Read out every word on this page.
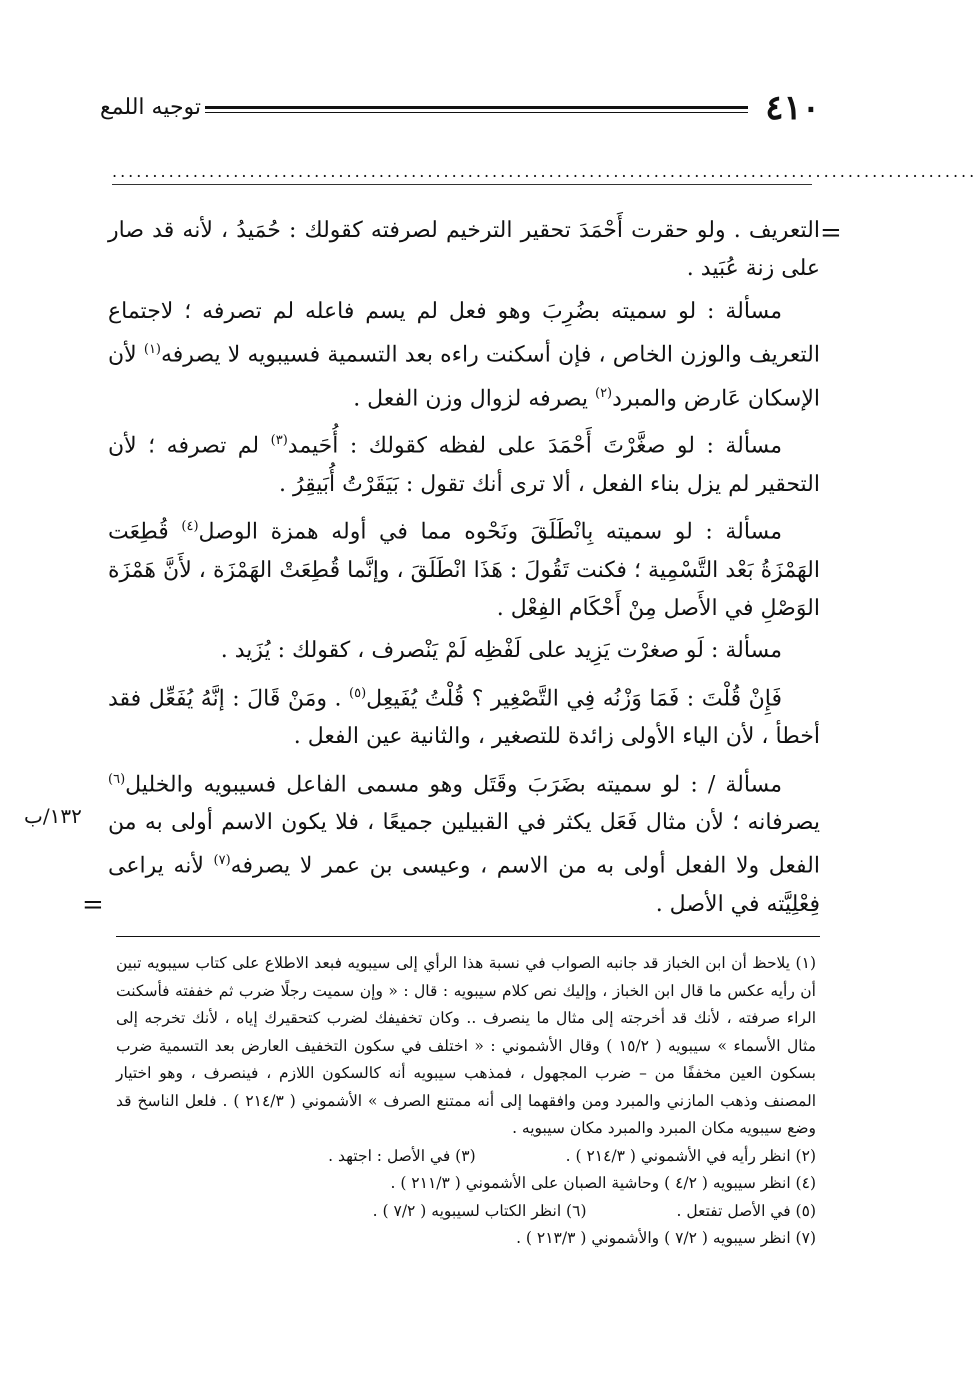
٤١٠
توجيه اللمع
...........................................................................................................
=
١٣٢/ب
=

التعريف . ولو حقرت أَحْمَدَ تحقير الترخيم لصرفته كقولك : حُمَيدُ ، لأنه قد صار على زنة عُبَيد .

مسألة : لو سميته بضُرِبَ وهو فعل لم يسم فاعله لم تصرفه ؛ لاجتماع التعريف والوزن الخاص ، فإن أسكنت راءه بعد التسمية فسيبويه لا يصرفه$^{(١)}$ لأن الإسكان عَارض والمبرد$^{(٢)}$ يصرفه لزوال وزن الفعل .

مسألة : لو صغَّرْتَ أَحْمَدَ على لفظه كقولك : أُحَيمد$^{(٣)}$ لم تصرفه ؛ لأن التحقير لم يزل بناء الفعل ، ألا ترى أنك تقول : بَيَقَرْتُ أُبَيقِرُ .

مسألة : لو سميته بِانْطَلَقَ ونَحْوه مما في أوله همزة الوصل$^{(٤)}$ قُطِعَت الهَمْزَةُ بَعْد التَّسْمِية ؛ فكنت تَقُولَ : هَذَا انْطَلَقَ ، وإنَّما قُطِعَتْ الهَمْزَة ، لأَنَّ هَمْزَة الوَصْلِ في الأَصل مِنْ أَحْكَام الفِعْل .

مسألة : لَو صغرْت يَزِيد على لَفْظِه لَمْ يَنْصرف ، كقولك : يُزَيد .

فَإِنْ قُلْتَ : فَمَا وَزْنُه فِي التَّصْغِير ؟ قُلْتُ يُفَيعِل$^{(٥)}$ . ومَنْ قَالَ : إنَّهُ يُفَعِّل فقد أخطأ ، لأن الياء الأولى زائدة للتصغير ، والثانية عين الفعل .

مسألة / : لو سميته بضَرَبَ وقَتَل وهو مسمى الفاعل فسيبويه والخليل$^{(٦)}$ يصرفانه ؛ لأن مثال فَعَل يكثر في القبيلين جميعًا ، فلا يكون الاسم أولى به من الفعل ولا الفعل أولى به من الاسم ، وعيسى بن عمر لا يصرفه$^{(٧)}$ لأنه يراعى فِعْلِيَّته في الأصل .

(١) يلاحظ أن ابن الخباز قد جانبه الصواب في نسبة هذا الرأي إلى سيبويه فبعد الاطلاع على كتاب سيبويه تبين أن رأيه عكس ما قال ابن الخباز ، وإليك نص كلام سيبويه : قال : « وإن سميت رجلًا ضرب ثم خففته فأسكنت الراء صرفته ، لأنك قد أخرجته إلى مثال ما ينصرف .. وكان تخفيفك لضرب كتحقيرك إياه ، لأنك تخرجه إلى مثال الأسماء » سيبويه ( ١٥/٢ ) وقال الأشموني : « اختلف في سكون التخفيف العارض بعد التسمية ضرب بسكون العين مخففًا من – ضرب المجهول ، فمذهب سيبويه أنه كالسكون اللازم ، فينصرف ، وهو اختيار المصنف وذهب المازني والمبرد ومن وافقهما إلى أنه ممتنع الصرف » الأشموني ( ٢١٤/٣ ) . فلعل الناسخ قد وضع سيبويه مكان المبرد والمبرد مكان سيبويه .

(٢) انظر رأيه في الأشموني ( ٢١٤/٣ ) .
(٣) في الأصل : اجتهد .

(٤) انظر سيبويه ( ٤/٢ ) وحاشية الصبان على الأشموني ( ٢١١/٣ ) .

(٥) في الأصل تفتعل .
(٦) انظر الكتاب لسيبويه ( ٧/٢ ) .

(٧) انظر سيبويه ( ٧/٢ ) والأشموني ( ٢١٣/٣ ) .
